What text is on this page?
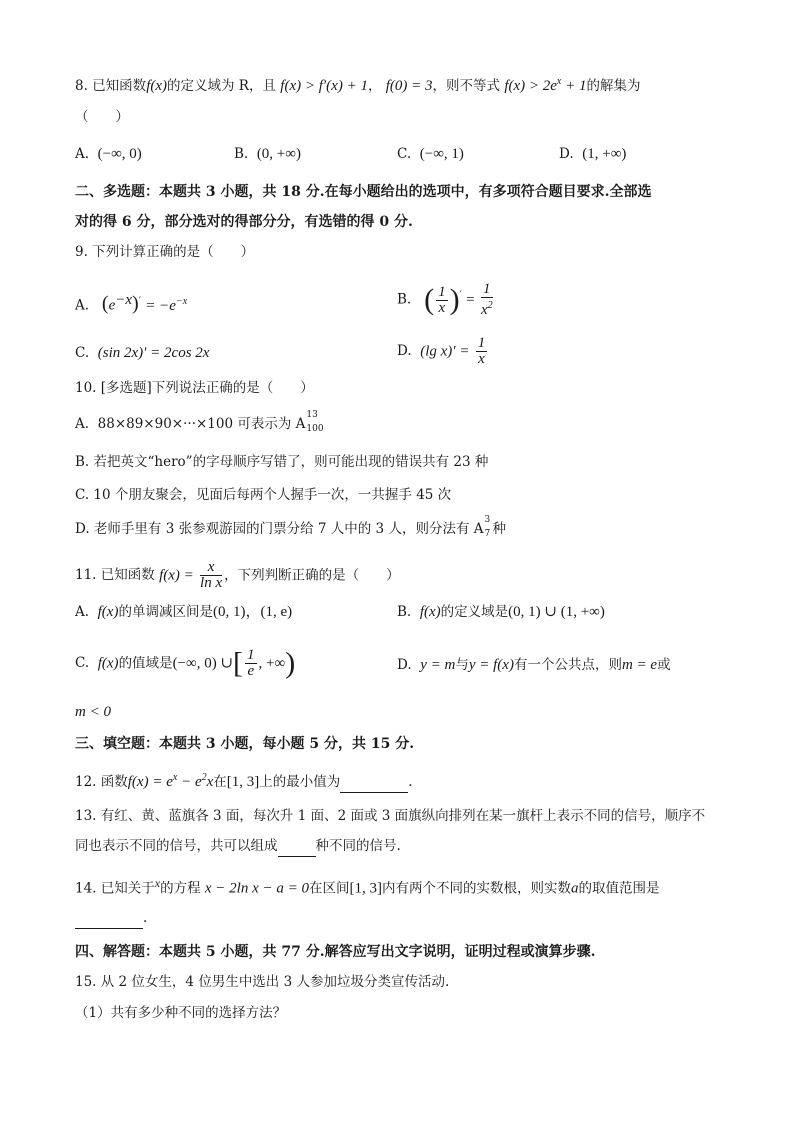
8. 已知函数f(x)的定义域为 R，且 f(x) > f′(x) + 1， f(0) = 3，则不等式 $f(x) > 2e^x + 1$的解集为
（　　）
A. (−∞, 0)	B. (0, +∞)	C. (−∞, 1)	D. (1, +∞)
二、多选题：本题共 3 小题，共 18 分.在每小题给出的选项中，有多项符合题目要求.全部选
对的得 6 分，部分选对的得部分分，有选错的得 0 分.
9. 下列计算正确的是（　　）
A. $(e^{-x})' = -e^{-x}$	B. ( $\frac{1}{x} )' = \frac{1}{x^2}$
C. (sin 2x)′ = 2cos 2x	D. (lg $x)' = \frac{1}{x}$
10. [多选题]下列说法正确的是（　　）
A. 88×89×90×···×100 可表示为 A
13
100
B. 若把英文“hero”的字母顺序写错了，则可能出现的错误共有 23 种
C. 10 个朋友聚会，见面后每两个人握手一次，一共握手 45 次
D. 老师手里有 3 张参观游园的门票分给 7 人中的 3 人，则分法有 A
3
7 种
11. 已知函数 $f(x) = \frac{x}{\text{ln x}}$ ，下列判断正确的是（　　）
A. f(x)的单调减区间是(0, 1)，(1, e)	B. f(x)的定义域是(0, 1) ∪ (1, +∞)
C. f(x)的值域是(−∞, 0) ∪[ $\frac{1}{e}$ , +∞)	D. y = m与y = f(x)有一个公共点，则m = e或
m < 0
三、填空题：本题共 3 小题，每小题 5 分，共 15 分.
12. 函数$f(x) = e^x - e^2x$在[1, 3]上的最小值为	.
13. 有红、黄、蓝旗各 3 面，每次升 1 面、2 面或 3 面旗纵向排列在某一旗杆上表示不同的信号，顺序不
同也表示不同的信号，共可以组成	种不同的信号.
14. 已知关于x的方程 x − 2ln x − a = 0在区间[1, 3]内有两个不同的实数根，则实数a的取值范围是
.
四、解答题：本题共 5 小题，共 77 分.解答应写出文字说明，证明过程或演算步骤.
15. 从 2 位女生，4 位男生中选出 3 人参加垃圾分类宣传活动.
（1）共有多少种不同的选择方法？
